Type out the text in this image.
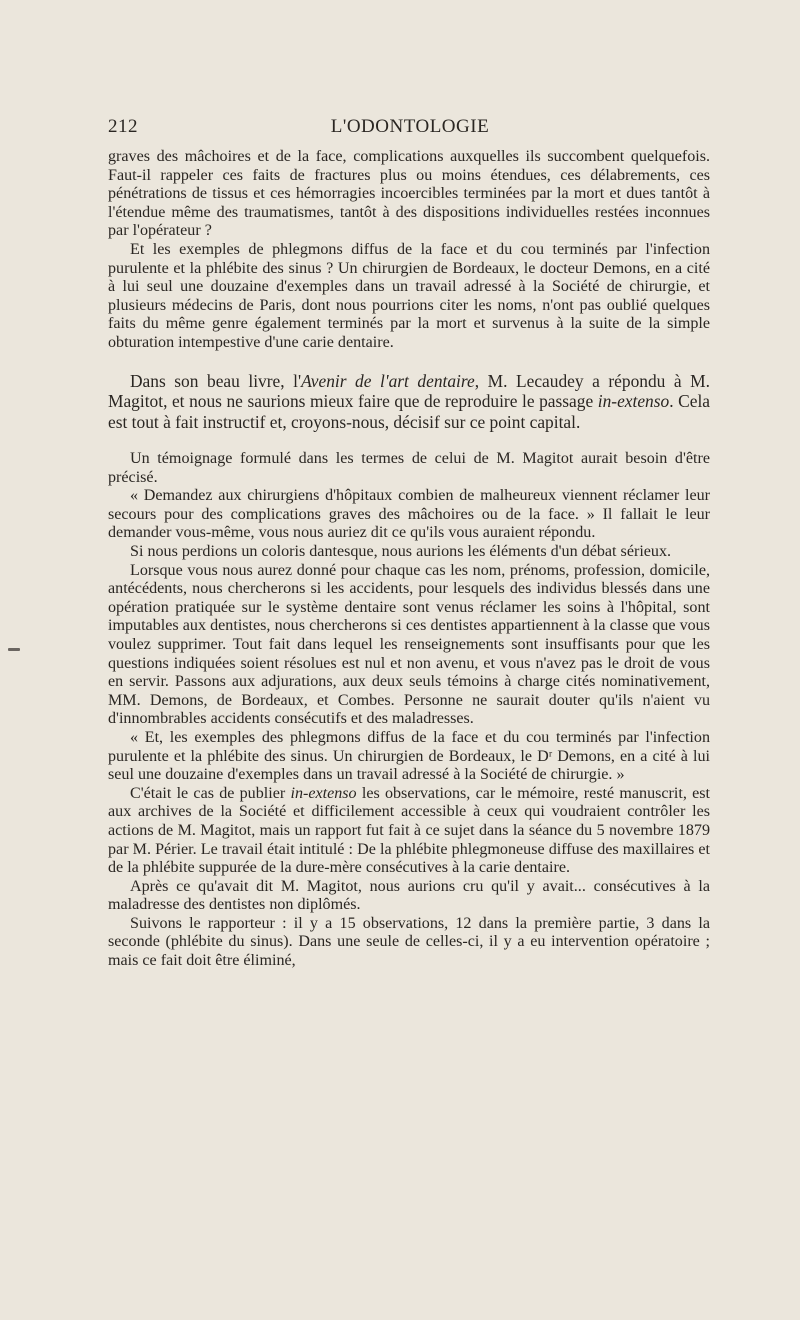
212	L'ODONTOLOGIE

graves des mâchoires et de la face, complications auxquelles ils succombent quelquefois. Faut-il rappeler ces faits de fractures plus ou moins étendues, ces délabrements, ces pénétrations de tissus et ces hémorragies incoercibles terminées par la mort et dues tantôt à l'étendue même des traumatismes, tantôt à des dispositions individuelles restées inconnues par l'opérateur ?

Et les exemples de phlegmons diffus de la face et du cou terminés par l'infection purulente et la phlébite des sinus ? Un chirurgien de Bordeaux, le docteur Demons, en a cité à lui seul une douzaine d'exemples dans un travail adressé à la Société de chirurgie, et plusieurs médecins de Paris, dont nous pourrions citer les noms, n'ont pas oublié quelques faits du même genre également terminés par la mort et survenus à la suite de la simple obturation intempestive d'une carie dentaire.

Dans son beau livre, l'Avenir de l'art dentaire, M. Lecaudey a répondu à M. Magitot, et nous ne saurions mieux faire que de reproduire le passage in-extenso. Cela est tout à fait instructif et, croyons-nous, décisif sur ce point capital.

Un témoignage formulé dans les termes de celui de M. Magitot aurait besoin d'être précisé.

« Demandez aux chirurgiens d'hôpitaux combien de malheureux viennent réclamer leur secours pour des complications graves des mâchoires ou de la face. » Il fallait le leur demander vous-même, vous nous auriez dit ce qu'ils vous auraient répondu.

Si nous perdions un coloris dantesque, nous aurions les éléments d'un débat sérieux.

Lorsque vous nous aurez donné pour chaque cas les nom, prénoms, profession, domicile, antécédents, nous chercherons si les accidents, pour lesquels des individus blessés dans une opération pratiquée sur le système dentaire sont venus réclamer les soins à l'hôpital, sont imputables aux dentistes, nous chercherons si ces dentistes appartiennent à la classe que vous voulez supprimer. Tout fait dans lequel les renseignements sont insuffisants pour que les questions indiquées soient résolues est nul et non avenu, et vous n'avez pas le droit de vous en servir. Passons aux adjurations, aux deux seuls témoins à charge cités nominativement, MM. Demons, de Bordeaux, et Combes. Personne ne saurait douter qu'ils n'aient vu d'innombrables accidents consécutifs et des maladresses.

« Et, les exemples des phlegmons diffus de la face et du cou terminés par l'infection purulente et la phlébite des sinus. Un chirurgien de Bordeaux, le Dʳ Demons, en a cité à lui seul une douzaine d'exemples dans un travail adressé à la Société de chirurgie. »

C'était le cas de publier in-extenso les observations, car le mémoire, resté manuscrit, est aux archives de la Société et difficilement accessible à ceux qui voudraient contrôler les actions de M. Magitot, mais un rapport fut fait à ce sujet dans la séance du 5 novembre 1879 par M. Périer. Le travail était intitulé : De la phlébite phlegmoneuse diffuse des maxillaires et de la phlébite suppurée de la dure-mère consécutives à la carie dentaire.

Après ce qu'avait dit M. Magitot, nous aurions cru qu'il y avait... consécutives à la maladresse des dentistes non diplômés.

Suivons le rapporteur : il y a 15 observations, 12 dans la première partie, 3 dans la seconde (phlébite du sinus). Dans une seule de celles-ci, il y a eu intervention opératoire ; mais ce fait doit être éliminé,
